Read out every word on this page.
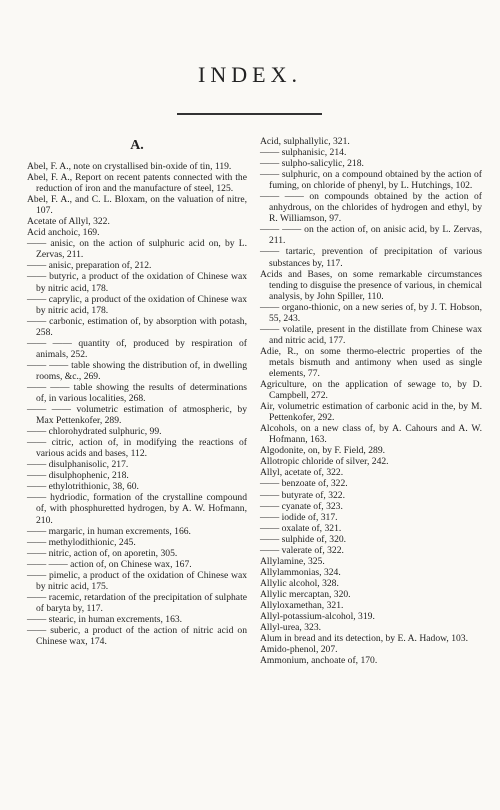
INDEX.
A.

Abel, F. A., note on crystallised bin-oxide of tin, 119.

Abel, F. A., Report on recent patents connected with the reduction of iron and the manufacture of steel, 125.

Abel, F. A., and C. L. Bloxam, on the valuation of nitre, 107.

Acetate of Allyl, 322.

Acid anchoic, 169.

—— anisic, on the action of sulphuric acid on, by L. Zervas, 211.

—— anisic, preparation of, 212.

—— butyric, a product of the oxidation of Chinese wax by nitric acid, 178.

—— caprylic, a product of the oxidation of Chinese wax by nitric acid, 178.

—— carbonic, estimation of, by absorption with potash, 258.

—— —— quantity of, produced by respiration of animals, 252.

—— —— table showing the distribution of, in dwelling rooms, &c., 269.

—— —— table showing the results of determinations of, in various localities, 268.

—— —— volumetric estimation of atmospheric, by Max Pettenkofer, 289.

—— chlorohydrated sulphuric, 99.

—— citric, action of, in modifying the reactions of various acids and bases, 112.

—— disulphanisolic, 217.

—— disulphophenic, 218.

—— ethylotrithionic, 38, 60.

—— hydriodic, formation of the crystalline compound of, with phosphuretted hydrogen, by A. W. Hofmann, 210.

—— margaric, in human excrements, 166.

—— methylodithionic, 245.

—— nitric, action of, on aporetin, 305.

—— —— action of, on Chinese wax, 167.

—— pimelic, a product of the oxidation of Chinese wax by nitric acid, 175.

—— racemic, retardation of the precipitation of sulphate of baryta by, 117.

—— stearic, in human excrements, 163.

—— suberic, a product of the action of nitric acid on Chinese wax, 174.

Acid, sulphallylic, 321.

—— sulphanisic, 214.

—— sulpho-salicylic, 218.

—— sulphuric, on a compound obtained by the action of fuming, on chloride of phenyl, by L. Hutchings, 102.

—— —— on compounds obtained by the action of anhydrous, on the chlorides of hydrogen and ethyl, by R. Williamson, 97.

—— —— on the action of, on anisic acid, by L. Zervas, 211.

—— tartaric, prevention of precipitation of various substances by, 117.

Acids and Bases, on some remarkable circumstances tending to disguise the presence of various, in chemical analysis, by John Spiller, 110.

—— organo-thionic, on a new series of, by J. T. Hobson, 55, 243.

—— volatile, present in the distillate from Chinese wax and nitric acid, 177.

Adie, R., on some thermo-electric properties of the metals bismuth and antimony when used as single elements, 77.

Agriculture, on the application of sewage to, by D. Campbell, 272.

Air, volumetric estimation of carbonic acid in the, by M. Pettenkofer, 292.

Alcohols, on a new class of, by A. Cahours and A. W. Hofmann, 163.

Algodonite, on, by F. Field, 289.

Allotropic chloride of silver, 242.

Allyl, acetate of, 322.

—— benzoate of, 322.

—— butyrate of, 322.

—— cyanate of, 323.

—— iodide of, 317.

—— oxalate of, 321.

—— sulphide of, 320.

—— valerate of, 322.

Allylamine, 325.

Allylammonias, 324.

Allylic alcohol, 328.

Allylic mercaptan, 320.

Allyloxamethan, 321.

Allyl-potassium-alcohol, 319.

Allyl-urea, 323.

Alum in bread and its detection, by E. A. Hadow, 103.

Amido-phenol, 207.

Ammonium, anchoate of, 170.
